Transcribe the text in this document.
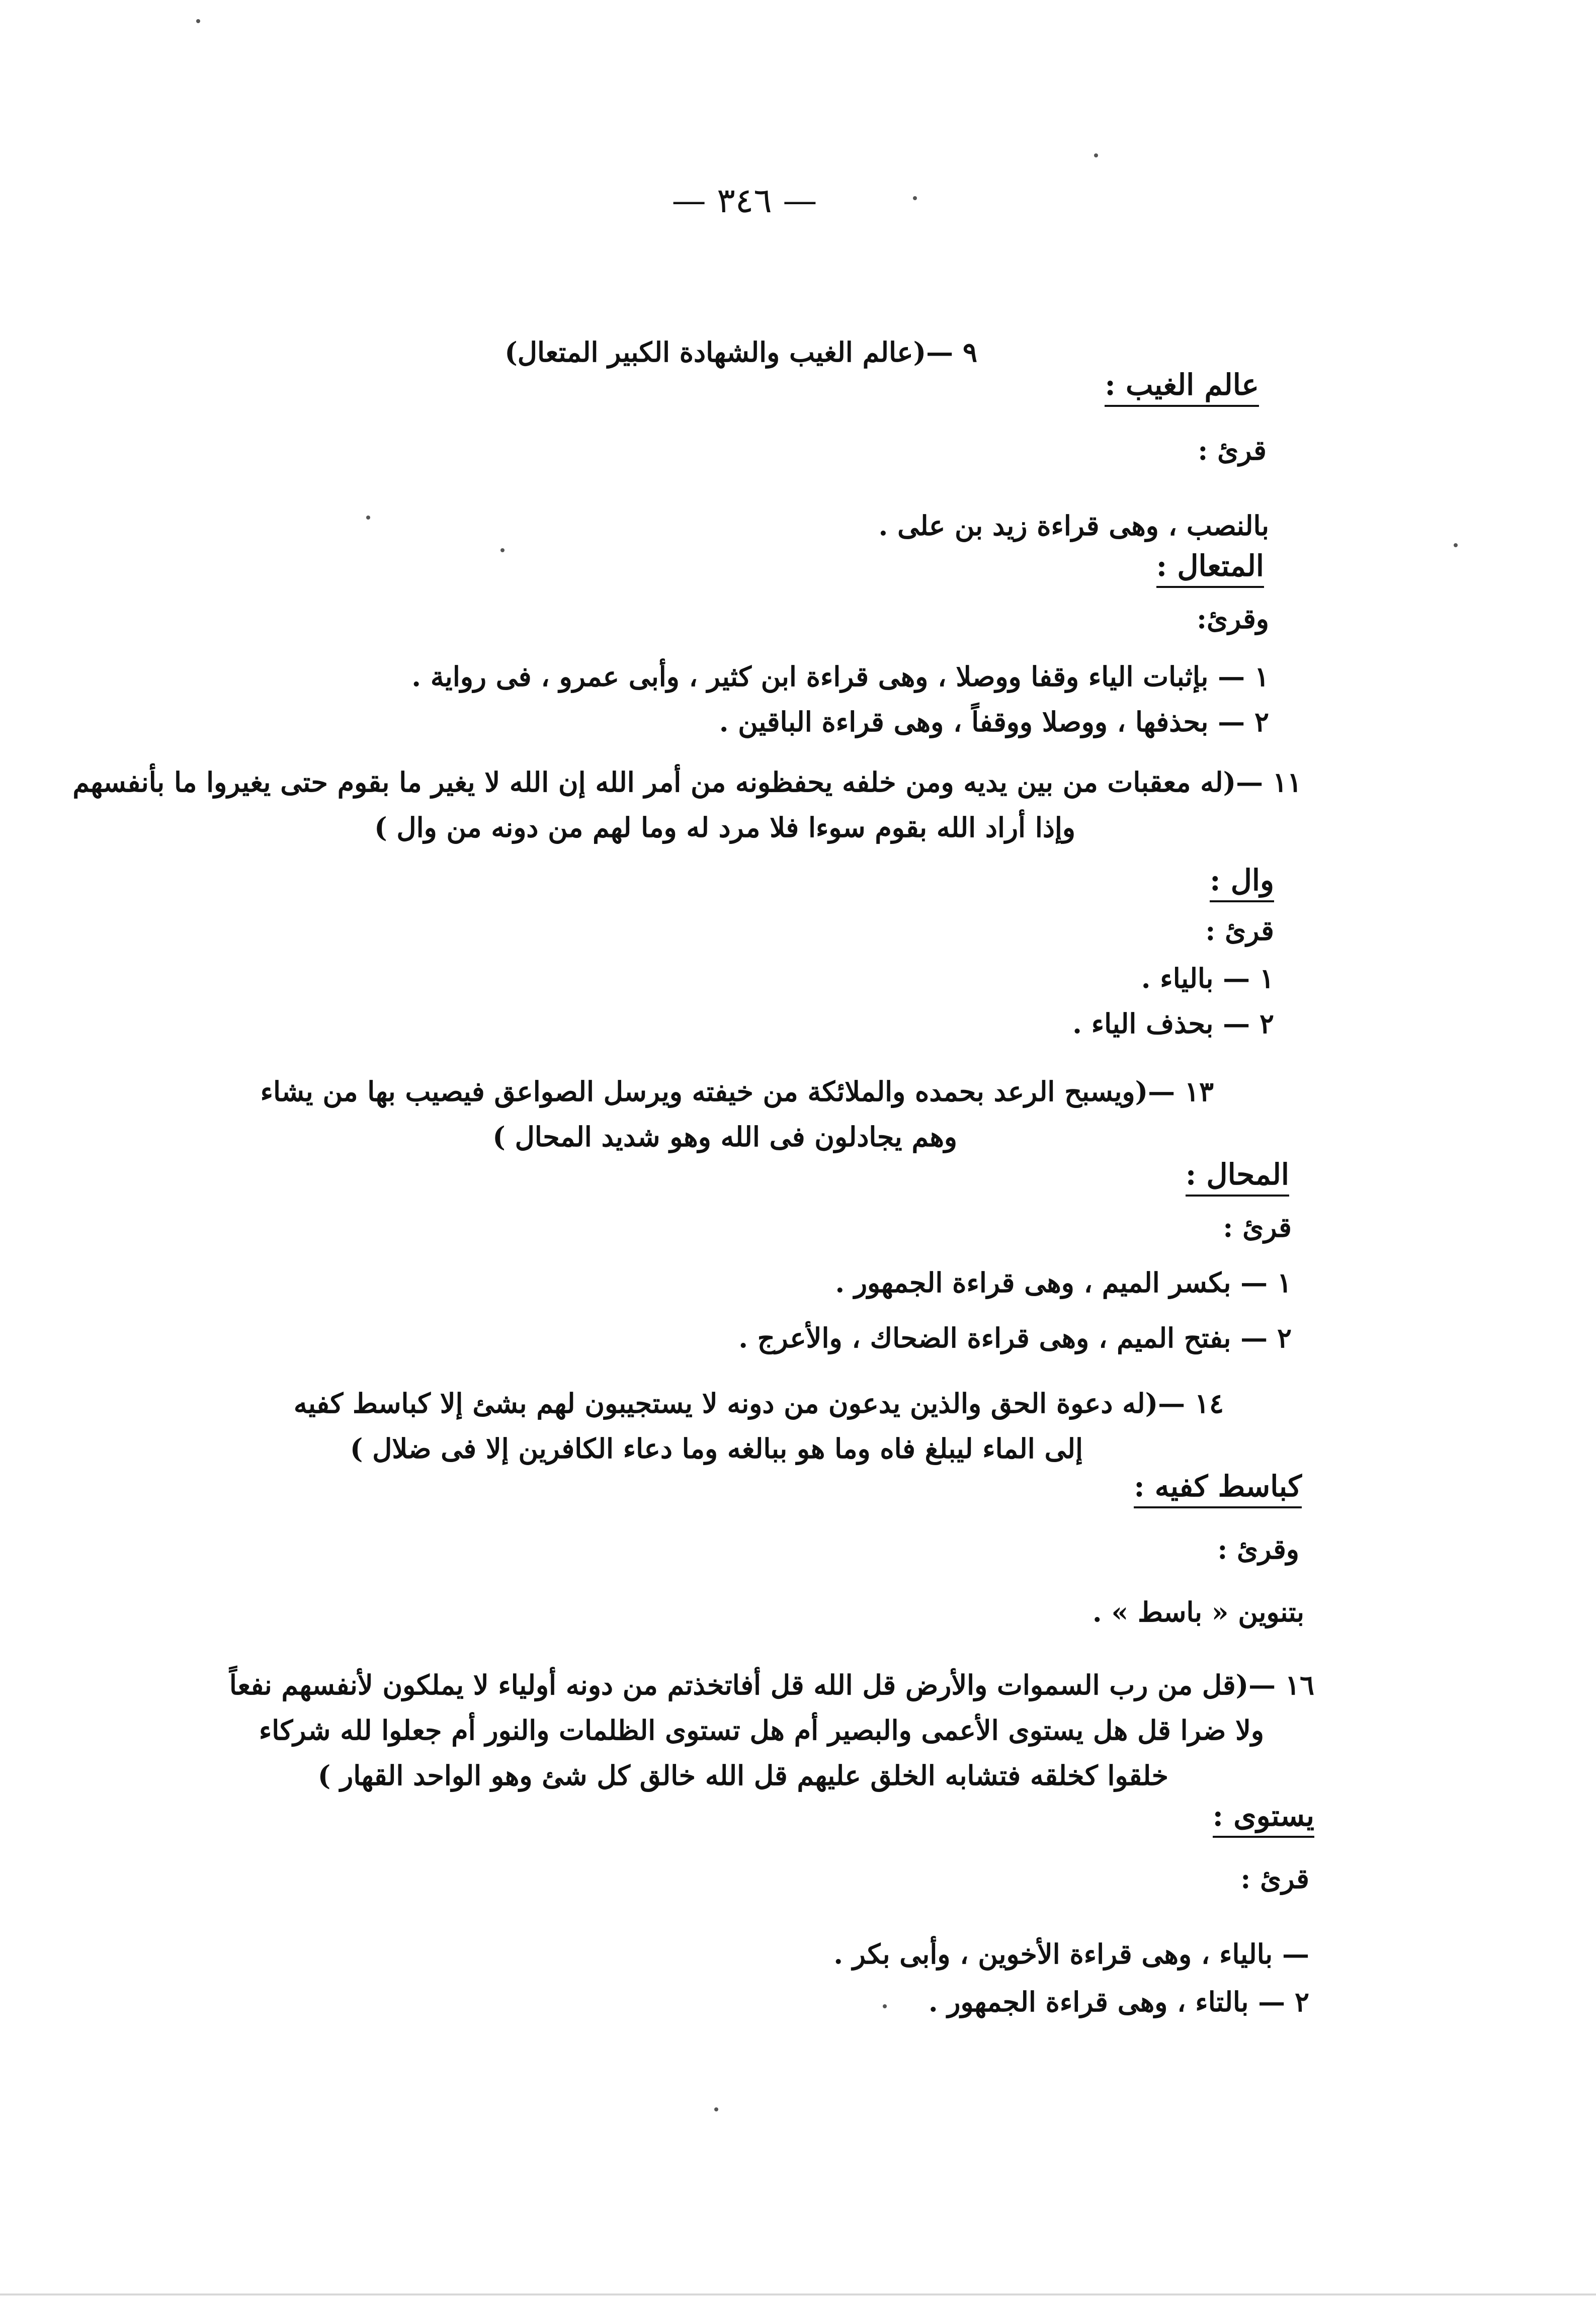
— ٣٤٦ —
٩ —(عالم الغيب والشهادة الكبير المتعال)
عالم الغيب :
قرئ :
بالنصب ، وهى قراءة زيد بن على .
المتعال :
وقرئ:
١ — بإثبات الياء وقفا ووصلا ، وهى قراءة ابن كثير ، وأبى عمرو ، فى رواية .
٢ — بحذفها ، ووصلا ووقفاً ، وهى قراءة الباقين .
١١ —(له معقبات من بين يديه ومن خلفه يحفظونه من أمر الله إن الله لا يغير ما بقوم حتى يغيروا ما بأنفسهم
وإذا أراد الله بقوم سوءا فلا مرد له وما لهم من دونه من وال )
وال :
قرئ :
١ — بالياء .
٢ — بحذف الياء .
١٣ —(ويسبح الرعد بحمده والملائكة من خيفته ويرسل الصواعق فيصيب بها من يشاء
وهم يجادلون فى الله وهو شديد المحال )
المحال :
قرئ :
١ — بكسر الميم ، وهى قراءة الجمهور .
٢ — بفتح الميم ، وهى قراءة الضحاك ، والأعرج .
١٤ —(له دعوة الحق والذين يدعون من دونه لا يستجيبون لهم بشئ إلا كباسط كفيه
إلى الماء ليبلغ فاه وما هو ببالغه وما دعاء الكافرين إلا فى ضلال )
كباسط كفيه :
وقرئ :
بتنوين « باسط » .
١٦ —(قل من رب السموات والأرض قل الله قل أفاتخذتم من دونه أولياء لا يملكون لأنفسهم نفعاً
ولا ضرا قل هل يستوى الأعمى والبصير أم هل تستوى الظلمات والنور أم جعلوا لله شركاء
خلقوا كخلقه فتشابه الخلق عليهم قل الله خالق كل شئ وهو الواحد القهار )
يستوى :
قرئ :
— بالياء ، وهى قراءة الأخوين ، وأبى بكر .
٢ — بالتاء ، وهى قراءة الجمهور .
